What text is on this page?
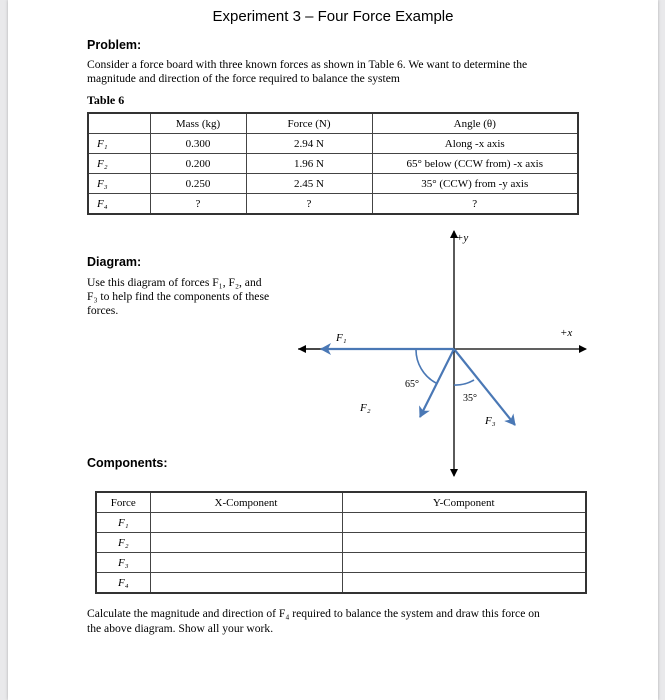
Experiment 3 – Four Force Example
Problem:
Consider a force board with three known forces as shown in Table 6. We want to determine the
magnitude and direction of the force required to balance the system
Table 6
	Mass (kg)	Force (N)	Angle (θ)
F₁	0.300	2.94 N	Along -x axis
F₂	0.200	1.96 N	65° below (CCW from) -x axis
F₃	0.250	2.45 N	35° (CCW) from -y axis
F₄	?	?	?
Diagram:
Use this diagram of forces F₁, F₂, and
F₃ to help find the components of these
forces.
+y
+x
F₁
F₂
F₃
65°
35°
Components:
Force	X-Component	Y-Component
F₁		
F₂		
F₃		
F₄		
Calculate the magnitude and direction of F₄ required to balance the system and draw this force on
the above diagram. Show all your work.
